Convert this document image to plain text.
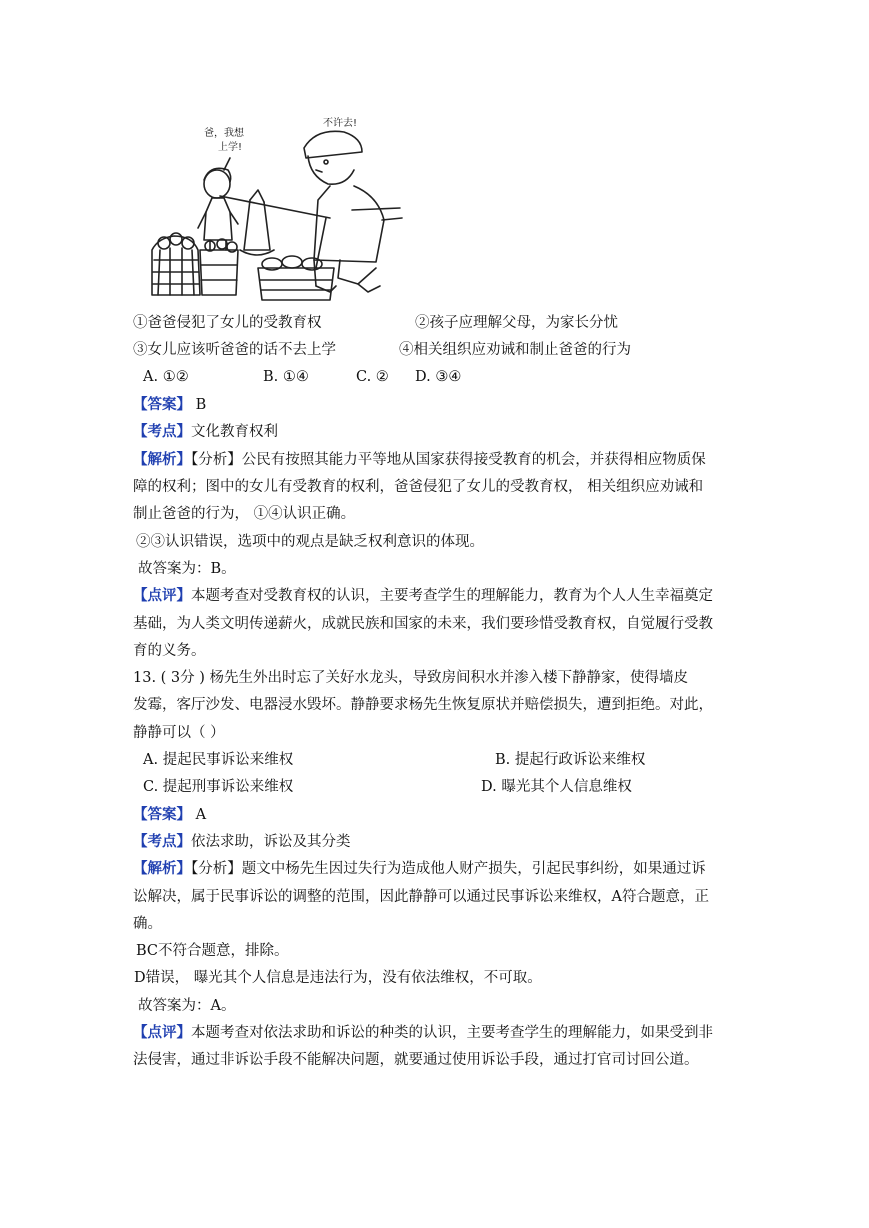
爸，我想
上学!
不许去!
①爸爸侵犯了女儿的受教育权	②孩子应理解父母，为家长分忧
③女儿应该听爸爸的话不去上学	④相关组织应劝诫和制止爸爸的行为
A. ①②	B. ①④	C. ② D. ③④
【答案】 B
【考点】文化教育权利
【解析】【分析】公民有按照其能力平等地从国家获得接受教育的机会，并获得相应物质保
障的权利；图中的女儿有受教育的权利，爸爸侵犯了女儿的受教育权， 相关组织应劝诫和
制止爸爸的行为， ①④认识正确。
②③认识错误，选项中的观点是缺乏权利意识的体现。
故答案为：B。
【点评】本题考查对受教育权的认识，主要考查学生的理解能力，教育为个人人生幸福奠定
基础，为人类文明传递薪火，成就民族和国家的未来，我们要珍惜受教育权，自觉履行受教
育的义务。
13. ( 3分 ) 杨先生外出时忘了关好水龙头，导致房间积水并渗入楼下静静家，使得墙皮
发霉，客厅沙发、电器浸水毁坏。静静要求杨先生恢复原状并赔偿损失，遭到拒绝。对此，
静静可以（ ）
A. 提起民事诉讼来维权	B. 提起行政诉讼来维权
C. 提起刑事诉讼来维权	D. 曝光其个人信息维权
【答案】 A
【考点】依法求助，诉讼及其分类
【解析】【分析】题文中杨先生因过失行为造成他人财产损失，引起民事纠纷，如果通过诉
讼解决，属于民事诉讼的调整的范围，因此静静可以通过民事诉讼来维权，A符合题意，正
确。
BC不符合题意，排除。
D错误， 曝光其个人信息是违法行为，没有依法维权，不可取。
故答案为：A。
【点评】本题考查对依法求助和诉讼的种类的认识，主要考查学生的理解能力，如果受到非
法侵害，通过非诉讼手段不能解决问题，就要通过使用诉讼手段，通过打官司讨回公道。
